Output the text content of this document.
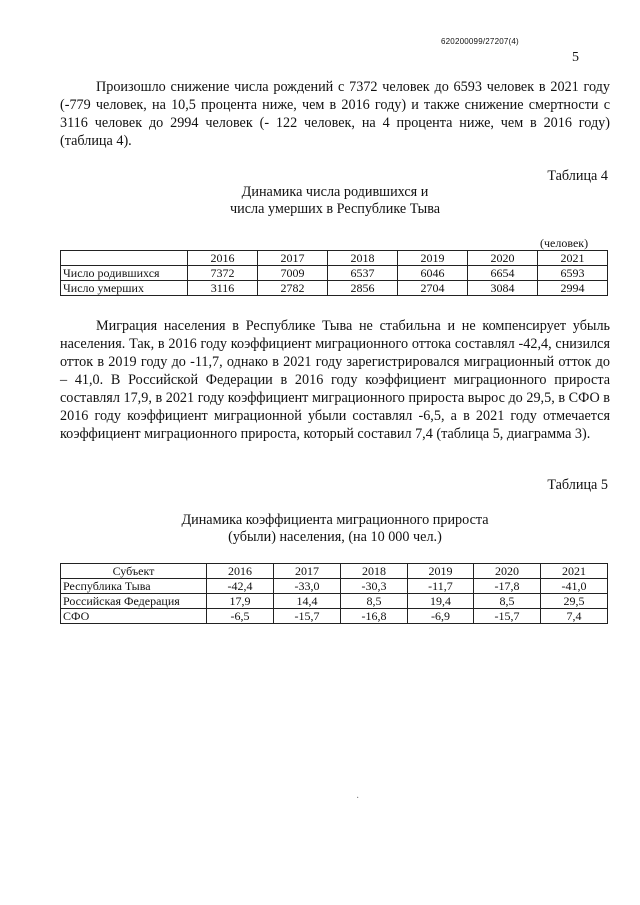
620200099/27207(4)
5

Произошло снижение числа рождений с 7372 человек до 6593 человек в 2021 году (-779 человек, на 10,5 процента ниже, чем в 2016 году) и также снижение смертности с 3116 человек до 2994 человек (- 122 человек, на 4 процента ниже, чем в 2016 году) (таблица 4).

Таблица 4
Динамика числа родившихся и
числа умерших в Республике Тыва
(человек)
	2016	2017	2018	2019	2020	2021
Число родившихся	7372	7009	6537	6046	6654	6593
Число умерших	3116	2782	2856	2704	3084	2994

Миграция населения в Республике Тыва не стабильна и не компенсирует убыль населения. Так, в 2016 году коэффициент миграционного оттока составлял -42,4, снизился отток в 2019 году до -11,7, однако в 2021 году зарегистрировался миграционный отток до – 41,0. В Российской Федерации в 2016 году коэффициент миграционного прироста составлял 17,9, в 2021 году коэффициент миграционного прироста вырос до 29,5, в СФО в 2016 году коэффициент миграционной убыли составлял -6,5, а в 2021 году отмечается коэффициент миграционного прироста, который составил 7,4 (таблица 5, диаграмма 3).

Таблица 5
Динамика коэффициента миграционного прироста
(убыли) населения, (на 10 000 чел.)
Субъект	2016	2017	2018	2019	2020	2021
Республика Тыва	-42,4	-33,0	-30,3	-11,7	-17,8	-41,0
Российская Федерация	17,9	14,4	8,5	19,4	8,5	29,5
СФО	-6,5	-15,7	-16,8	-6,9	-15,7	7,4
·
